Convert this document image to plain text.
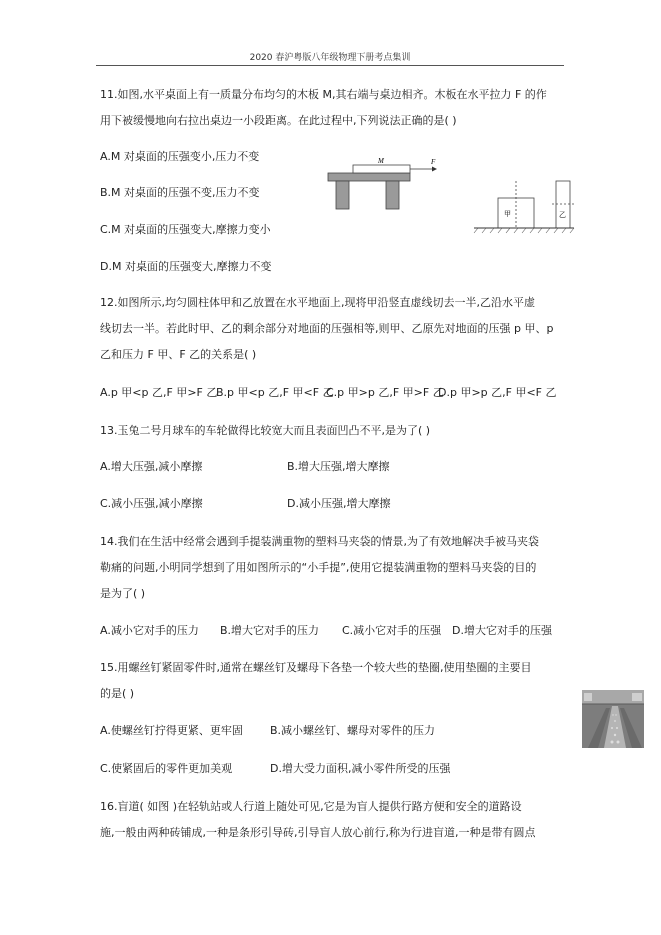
2020 春沪粤版八年级物理下册考点集训
11.如图,水平桌面上有一质量分布均匀的木板 M,其右端与桌边相齐。木板在水平拉力 F 的作
用下被缓慢地向右拉出桌边一小段距离。在此过程中,下列说法正确的是( )
A.M 对桌面的压强变小,压力不变
B.M 对桌面的压强不变,压力不变
C.M 对桌面的压强变大,摩擦力变小
D.M 对桌面的压强变大,摩擦力不变
M	F
甲	乙
12.如图所示,均匀圆柱体甲和乙放置在水平地面上,现将甲沿竖直虚线切去一半,乙沿水平虚
线切去一半。若此时甲、乙的剩余部分对地面的压强相等,则甲、乙原先对地面的压强 p 甲、p
乙和压力 F 甲、F 乙的关系是( )
A.p 甲<p 乙,F 甲>F 乙
B.p 甲<p 乙,F 甲<F 乙
C.p 甲>p 乙,F 甲>F 乙
D.p 甲>p 乙,F 甲<F 乙
13.玉兔二号月球车的车轮做得比较宽大而且表面凹凸不平,是为了( )
A.增大压强,减小摩擦	B.增大压强,增大摩擦
C.减小压强,减小摩擦	D.减小压强,增大摩擦
14.我们在生活中经常会遇到手提装满重物的塑料马夹袋的情景,为了有效地解决手被马夹袋
勒痛的问题,小明同学想到了用如图所示的“小手提”,使用它提装满重物的塑料马夹袋的目的
是为了( )
A.减小它对手的压力 B.增大它对手的压力 C.减小它对手的压强 D.增大它对手的压强
15.用螺丝钉紧固零件时,通常在螺丝钉及螺母下各垫一个较大些的垫圈,使用垫圈的主要目
的是( )
A.使螺丝钉拧得更紧、更牢固 B.减小螺丝钉、螺母对零件的压力
C.使紧固后的零件更加美观	D.增大受力面积,减小零件所受的压强
16.盲道( 如图 )在轻轨站或人行道上随处可见,它是为盲人提供行路方便和安全的道路设
施,一般由两种砖铺成,一种是条形引导砖,引导盲人放心前行,称为行进盲道,一种是带有圆点
